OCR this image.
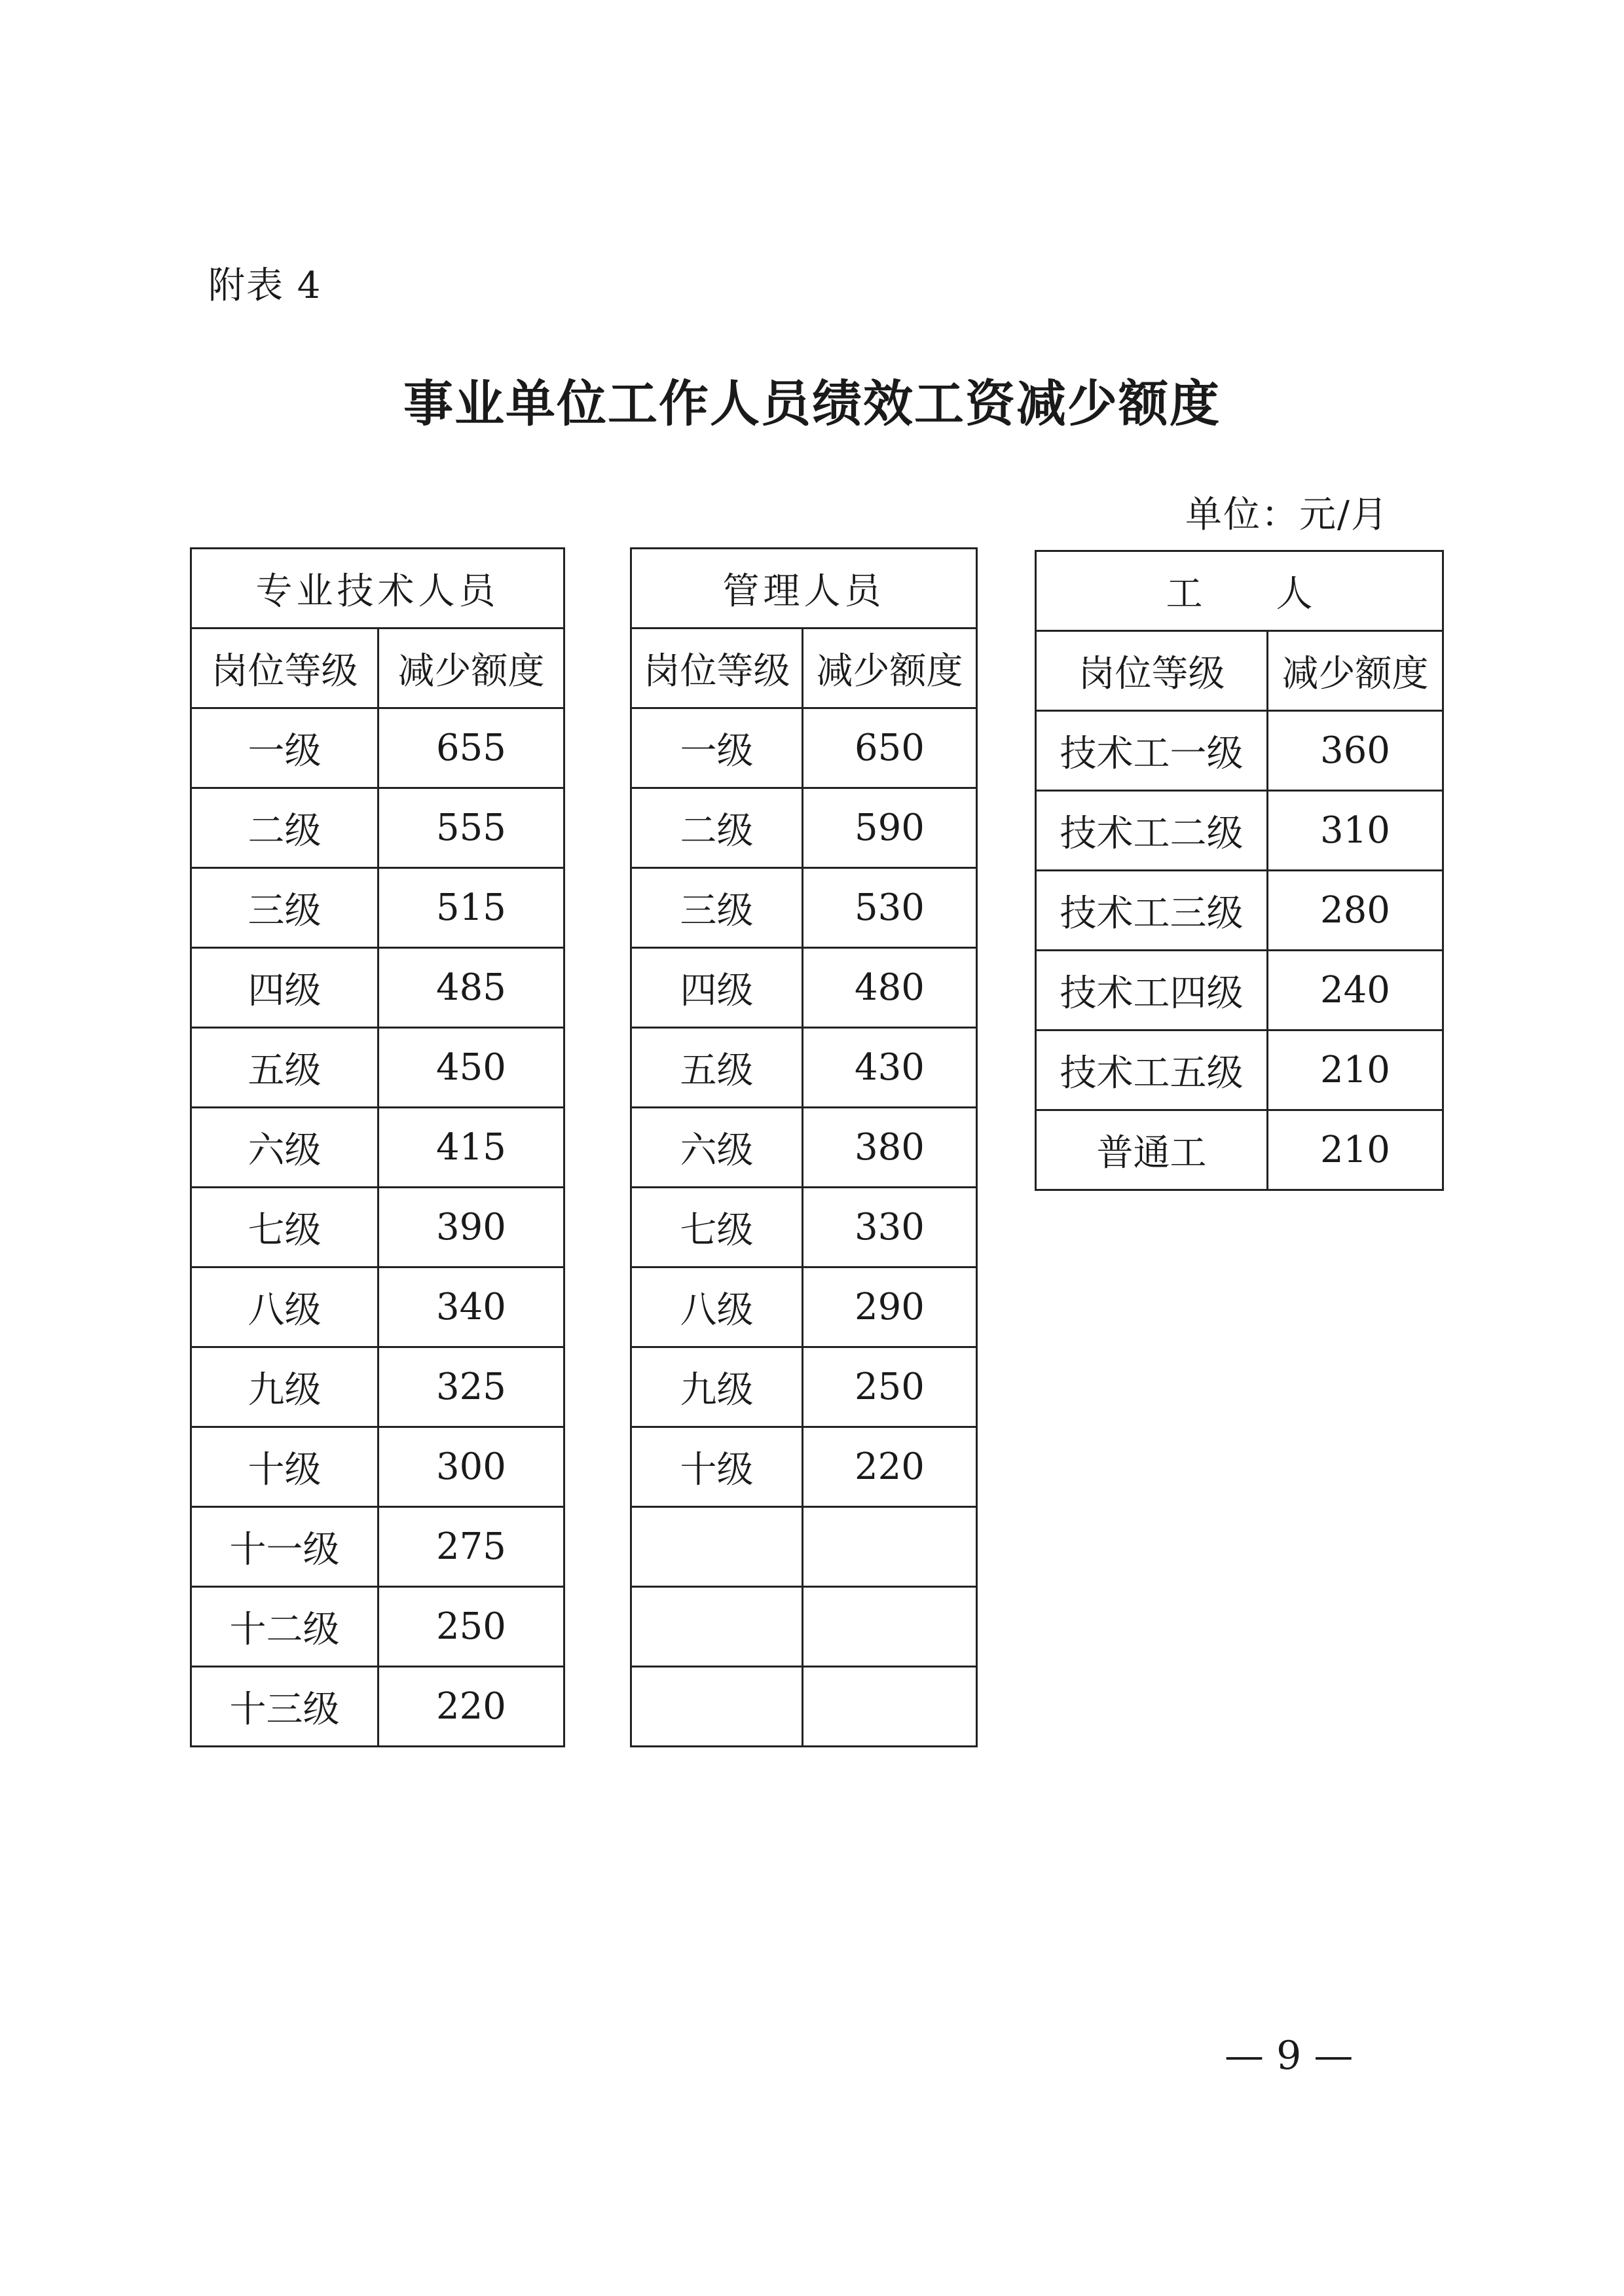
附表 4
事业单位工作人员绩效工资减少额度
单位：元/月
专业技术人员	
岗位等级	减少额度
一级	655
二级	555
三级	515
四级	485
五级	450
六级	415
七级	390
八级	340
九级	325
十级	300
十一级	275
十二级	250
十三级	220
管理人员	
岗位等级	减少额度
一级	650
二级	590
三级	530
四级	480
五级	430
六级	380
七级	330
八级	290
九级	250
十级	220

工　　人	
岗位等级	减少额度
技术工一级	360
技术工二级	310
技术工三级	280
技术工四级	240
技术工五级	210
普通工	210
— 9 —
